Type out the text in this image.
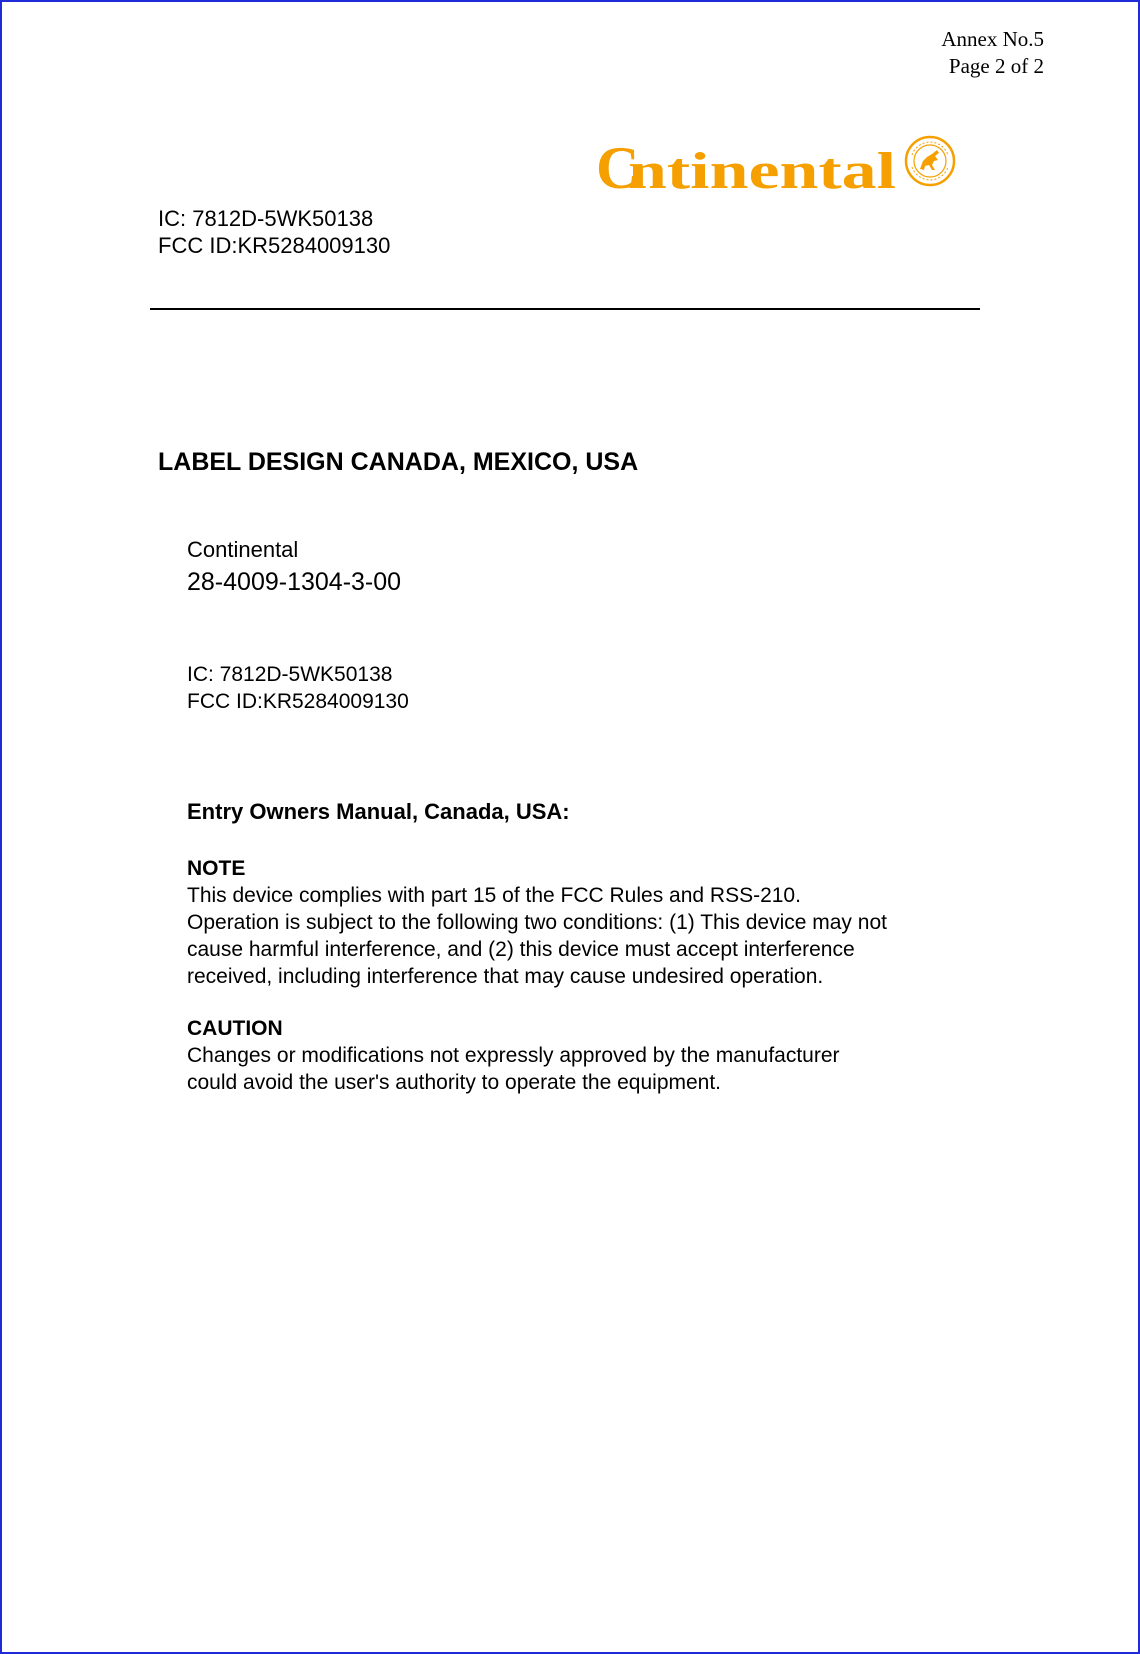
Annex No.5
Page 2 of 2
C
ntinental
IC: 7812D-5WK50138
FCC ID:KR5284009130
LABEL DESIGN CANADA, MEXICO, USA
Continental
28-4009-1304-3-00
IC: 7812D-5WK50138
FCC ID:KR5284009130
Entry Owners Manual, Canada, USA:
NOTE
This device complies with part 15 of the FCC Rules and RSS-210.
Operation is subject to the following two conditions: (1) This device may not
cause harmful interference, and (2) this device must accept interference
received, including interference that may cause undesired operation.
CAUTION
Changes or modifications not expressly approved by the manufacturer
could avoid the user's authority to operate the equipment.
